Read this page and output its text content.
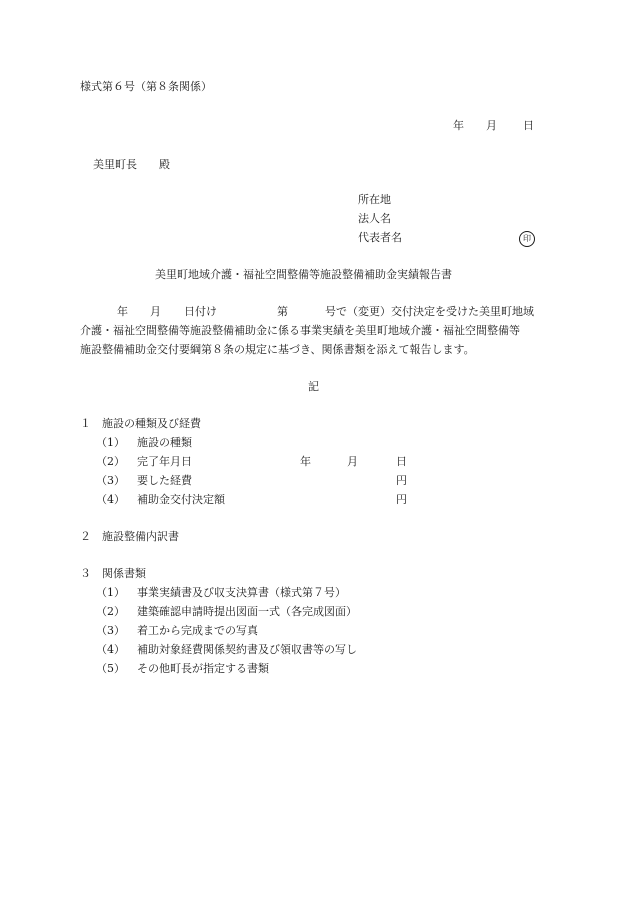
様式第６号（第８条関係）
年 月 日
美里町長　　殿
所在地
法人名
代表者名	印
美里町地域介護・福祉空間整備等施設整備補助金実績報告書
年 月 日付け	第	号で（変更）交付決定を受けた美里町地域
介護・福祉空間整備等施設整備補助金に係る事業実績を美里町地域介護・福祉空間整備等
施設整備補助金交付要綱第８条の規定に基づき、関係書類を添えて報告します。
記
１ 施設の種類及び経費
（1） 施設の種類
（2） 完了年月日	年	月	日
（3） 要した経費	円
（4） 補助金交付決定額	円
２ 施設整備内訳書
３ 関係書類
（1） 事業実績書及び収支決算書（様式第７号）
（2） 建築確認申請時提出図面一式（各完成図面）
（3） 着工から完成までの写真
（4） 補助対象経費関係契約書及び領収書等の写し
（5） その他町長が指定する書類
